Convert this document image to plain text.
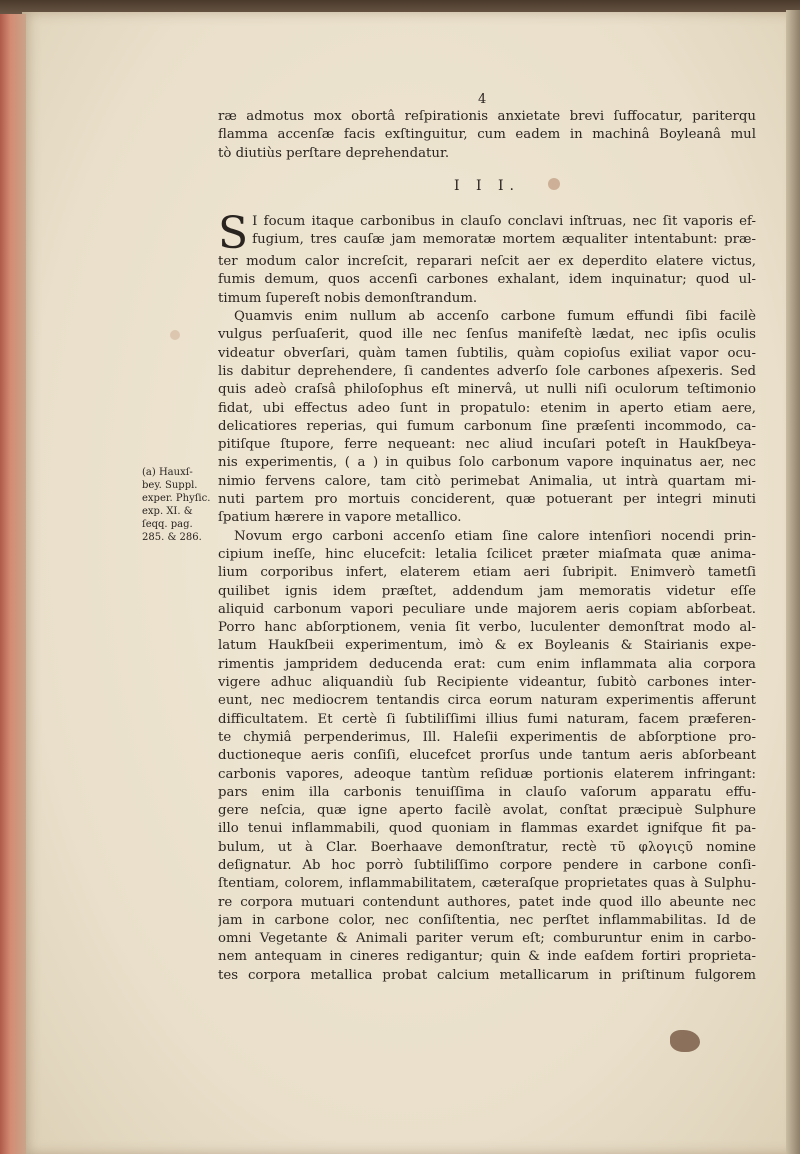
4
ræ admotus mox obortâ reſpirationis anxietate brevi ſuffocatur, pariterqu
flamma accenſæ facis exſtinguitur, cum eadem in machinâ Boyleanâ mul
tò diutiùs perſtare deprehendatur.
I I I.
S I focum itaque carbonibus in clauſo conclavi inſtruas, nec ſit vaporis ef-
fugium, tres cauſæ jam memoratæ mortem æqualiter intentabunt: præ-
ter modum calor increſcit, reparari neſcit aer ex deperdito elatere victus,
fumis demum, quos accenſi carbones exhalant, idem inquinatur; quod ul-
timum ſupereſt nobis demonſtrandum.
Quamvis enim nullum ab accenſo carbone fumum effundi ſibi facilè
vulgus perſuaſerit, quod ille nec ſenſus manifeſtè lædat, nec ipſis oculis
videatur obverſari, quàm tamen ſubtilis, quàm copioſus exiliat vapor ocu-
lis dabitur deprehendere, ſi candentes adverſo ſole carbones aſpexeris. Sed
quis adeò craſsâ philoſophus eſt minervâ, ut nulli niſi oculorum teſtimonio
fidat, ubi effectus adeo ſunt in propatulo: etenim in aperto etiam aere,
delicatiores reperias, qui fumum carbonum ſine præſenti incommodo, ca-
pitiſque ſtupore, ferre nequeant: nec aliud incuſari poteſt in Haukſbeya-
nis experimentis, ( a ) in quibus ſolo carbonum vapore inquinatus aer, nec
nimio fervens calore, tam citò perimebat Animalia, ut intrà quartam mi-
nuti partem pro mortuis conciderent, quæ potuerant per integri minuti
ſpatium hærere in vapore metallico.
Novum ergo carboni accenſo etiam ſine calore intenſiori nocendi prin-
cipium ineſſe, hinc elucefcit: letalia ſcilicet præter miaſmata quæ anima-
lium corporibus infert, elaterem etiam aeri ſubripit. Enimverò tametſi
quilibet ignis idem præſtet, addendum jam memoratis videtur eſſe
aliquid carbonum vapori peculiare unde majorem aeris copiam abſorbeat.
Porro hanc abſorptionem, venia ſit verbo, luculenter demonſtrat modo al-
latum Haukſbeii experimentum, imò & ex Boyleanis & Stairianis expe-
rimentis jampridem deducenda erat: cum enim inflammata alia corpora
vigere adhuc aliquandiù ſub Recipiente videantur, ſubitò carbones inter-
eunt, nec mediocrem tentandis circa eorum naturam experimentis afferunt
difficultatem. Et certè ſi ſubtiliſſimi illius fumi naturam, facem præferen-
te chymiâ perpenderimus, Ill. Haleſii experimentis de abſorptione pro-
ductioneque aeris conſiſi, elucefcet prorſus unde tantum aeris abſorbeant
carbonis vapores, adeoque tantùm reſiduæ portionis elaterem infringant:
pars enim illa carbonis tenuiſſima in clauſo vaſorum apparatu effu-
gere neſcia, quæ igne aperto facilè avolat, conſtat præcipuè Sulphure
illo tenui inflammabili, quod quoniam in flammas exardet ignifque fit pa-
bulum, ut à Clar. Boerhaave demonſtratur, rectè τῦ φλογιςῦ nomine
deſignatur. Ab hoc porrò ſubtiliſſimo corpore pendere in carbone conſi-
ſtentiam, colorem, inflammabilitatem, cæteraſque proprietates quas à Sulphu-
re corpora mutuari contendunt authores, patet inde quod illo abeunte nec
jam in carbone color, nec conſiſtentia, nec perſtet inflammabilitas. Id de
omni Vegetante & Animali pariter verum eſt; comburuntur enim in carbo-
nem antequam in cineres redigantur; quin & inde eaſdem fortiri proprieta-
tes corpora metallica probat calcium metallicarum in priſtinum fulgorem
(a) Hauxſ-
bey. Suppl.
exper. Phyſic.
exp. XI. &
ſeqq. pag.
285. & 286.
